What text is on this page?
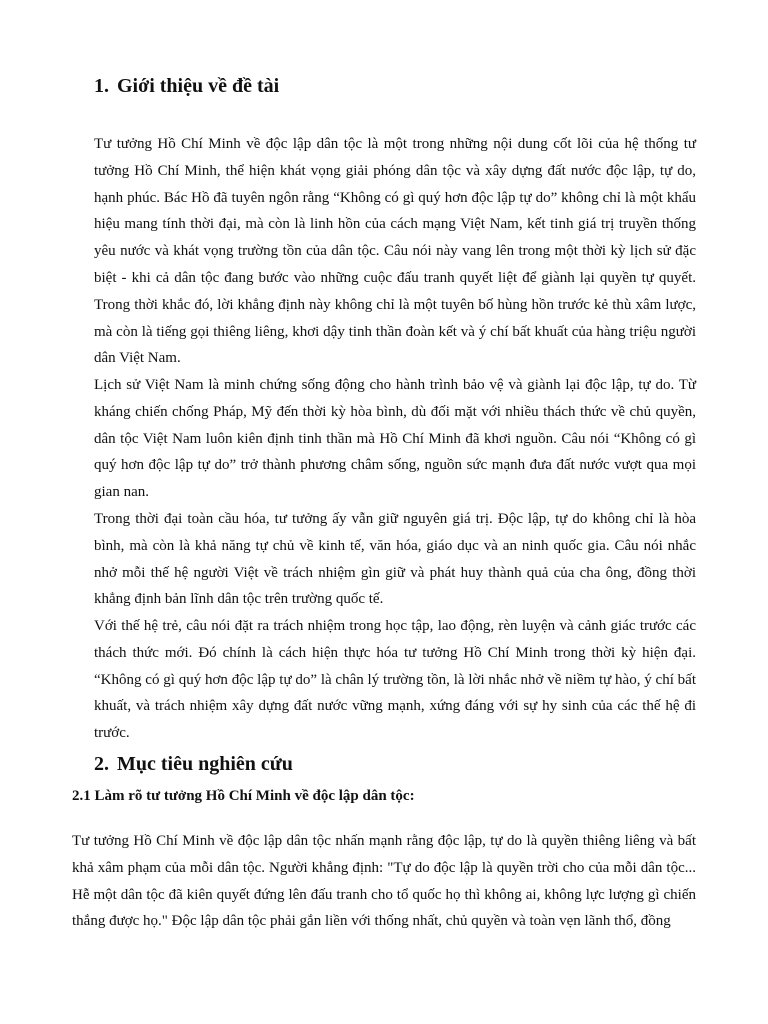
1. Giới thiệu về đề tài

Tư tưởng Hồ Chí Minh về độc lập dân tộc là một trong những nội dung cốt lõi của hệ thống tư tưởng Hồ Chí Minh, thể hiện khát vọng giải phóng dân tộc và xây dựng đất nước độc lập, tự do, hạnh phúc. Bác Hồ đã tuyên ngôn rằng “Không có gì quý hơn độc lập tự do” không chỉ là một khẩu hiệu mang tính thời đại, mà còn là linh hồn của cách mạng Việt Nam, kết tinh giá trị truyền thống yêu nước và khát vọng trường tồn của dân tộc. Câu nói này vang lên trong một thời kỳ lịch sử đặc biệt - khi cả dân tộc đang bước vào những cuộc đấu tranh quyết liệt để giành lại quyền tự quyết. Trong thời khắc đó, lời khẳng định này không chỉ là một tuyên bố hùng hồn trước kẻ thù xâm lược, mà còn là tiếng gọi thiêng liêng, khơi dậy tinh thần đoàn kết và ý chí bất khuất của hàng triệu người dân Việt Nam.

Lịch sử Việt Nam là minh chứng sống động cho hành trình bảo vệ và giành lại độc lập, tự do. Từ kháng chiến chống Pháp, Mỹ đến thời kỳ hòa bình, dù đối mặt với nhiều thách thức về chủ quyền, dân tộc Việt Nam luôn kiên định tinh thần mà Hồ Chí Minh đã khơi nguồn. Câu nói “Không có gì quý hơn độc lập tự do” trở thành phương châm sống, nguồn sức mạnh đưa đất nước vượt qua mọi gian nan.

Trong thời đại toàn cầu hóa, tư tưởng ấy vẫn giữ nguyên giá trị. Độc lập, tự do không chỉ là hòa bình, mà còn là khả năng tự chủ về kinh tế, văn hóa, giáo dục và an ninh quốc gia. Câu nói nhắc nhở mỗi thế hệ người Việt về trách nhiệm gìn giữ và phát huy thành quả của cha ông, đồng thời khẳng định bản lĩnh dân tộc trên trường quốc tế.

Với thế hệ trẻ, câu nói đặt ra trách nhiệm trong học tập, lao động, rèn luyện và cảnh giác trước các thách thức mới. Đó chính là cách hiện thực hóa tư tưởng Hồ Chí Minh trong thời kỳ hiện đại. “Không có gì quý hơn độc lập tự do” là chân lý trường tồn, là lời nhắc nhở về niềm tự hào, ý chí bất khuất, và trách nhiệm xây dựng đất nước vững mạnh, xứng đáng với sự hy sinh của các thế hệ đi trước.

2. Mục tiêu nghiên cứu
2.1 Làm rõ tư tưởng Hồ Chí Minh về độc lập dân tộc:

Tư tưởng Hồ Chí Minh về độc lập dân tộc nhấn mạnh rằng độc lập, tự do là quyền thiêng liêng và bất khả xâm phạm của mỗi dân tộc. Người khẳng định: "Tự do độc lập là quyền trời cho của mỗi dân tộc... Hễ một dân tộc đã kiên quyết đứng lên đấu tranh cho tổ quốc họ thì không ai, không lực lượng gì chiến thắng được họ." Độc lập dân tộc phải gắn liền với thống nhất, chủ quyền và toàn vẹn lãnh thổ, đồng
